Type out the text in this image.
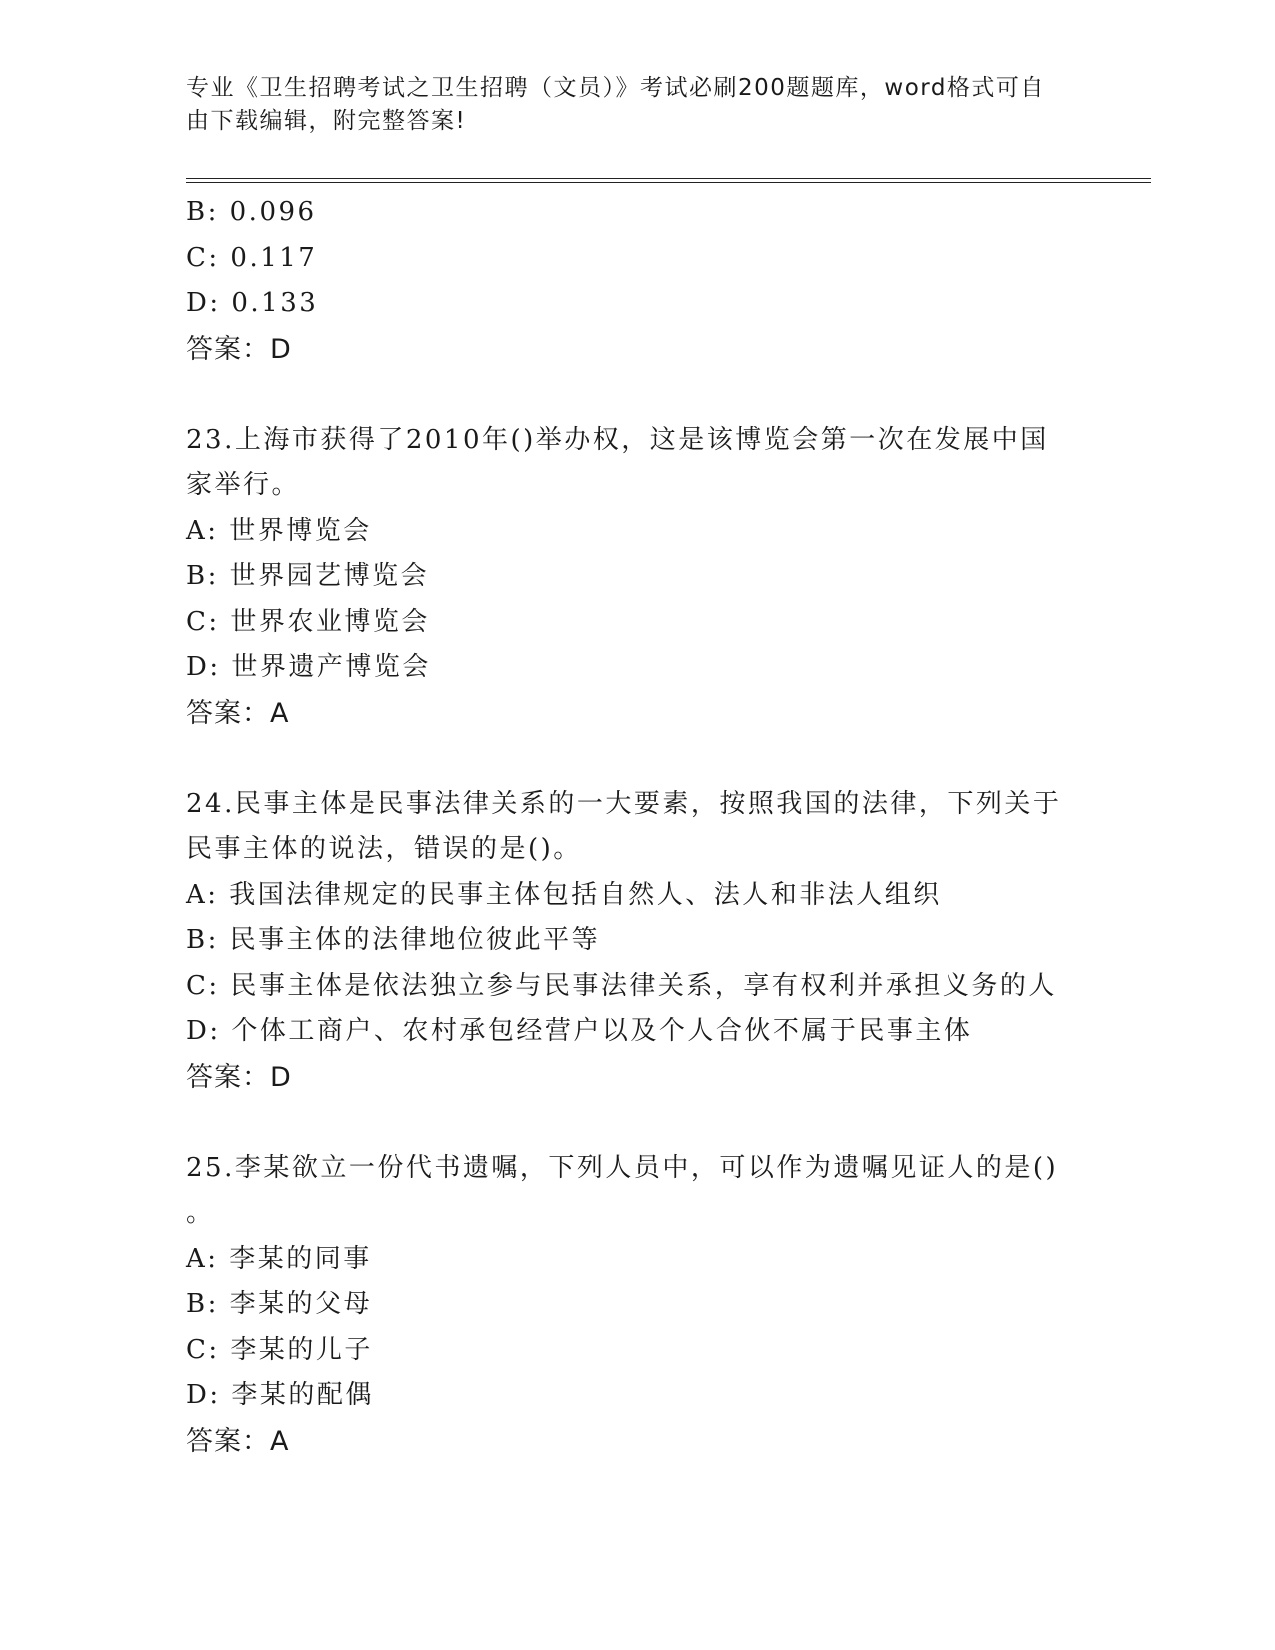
专业《卫生招聘考试之卫生招聘（文员）》考试必刷200题题库，word格式可自
由下载编辑，附完整答案!
B: 0.096
C: 0.117
D: 0.133
答案：D
23.上海市获得了2010年()举办权，这是该博览会第一次在发展中国
家举行。
A: 世界博览会
B: 世界园艺博览会
C: 世界农业博览会
D: 世界遗产博览会
答案：A
24.民事主体是民事法律关系的一大要素，按照我国的法律，下列关于
民事主体的说法，错误的是()。
A: 我国法律规定的民事主体包括自然人、法人和非法人组织
B: 民事主体的法律地位彼此平等
C: 民事主体是依法独立参与民事法律关系，享有权利并承担义务的人
D: 个体工商户、农村承包经营户以及个人合伙不属于民事主体
答案：D
25.李某欲立一份代书遗嘱，下列人员中，可以作为遗嘱见证人的是()
。
A: 李某的同事
B: 李某的父母
C: 李某的儿子
D: 李某的配偶
答案：A
